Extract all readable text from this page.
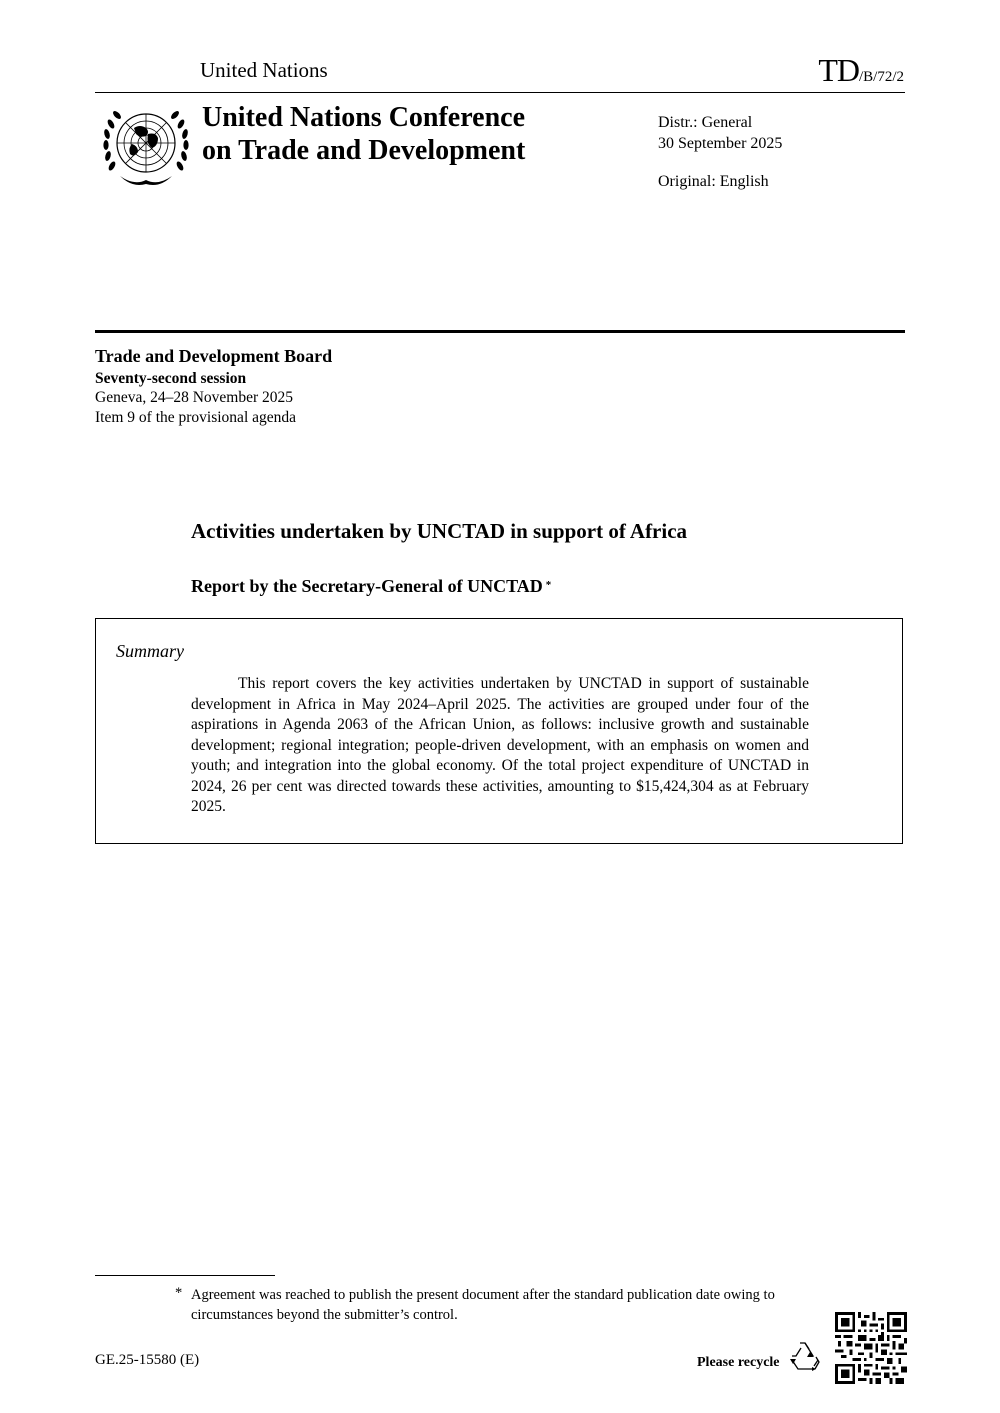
United Nations	TD/B/72/2
United Nations Conference
on Trade and Development
Distr.: General
30 September 2025
Original: English
Trade and Development Board
Seventy-second session
Geneva, 24–28 November 2025
Item 9 of the provisional agenda
Activities undertaken by UNCTAD in support of Africa
Report by the Secretary-General of UNCTAD *
Summary

This report covers the key activities undertaken by UNCTAD in support of sustainable development in Africa in May 2024–April 2025. The activities are grouped under four of the aspirations in Agenda 2063 of the African Union, as follows: inclusive growth and sustainable development; regional integration; people-driven development, with an emphasis on women and youth; and integration into the global economy. Of the total project expenditure of UNCTAD in 2024, 26 per cent was directed towards these activities, amounting to $15,424,304 as at February 2025.

* Agreement was reached to publish the present document after the standard publication date owing to circumstances beyond the submitter’s control.

GE.25-15580 (E)	Please recycle
